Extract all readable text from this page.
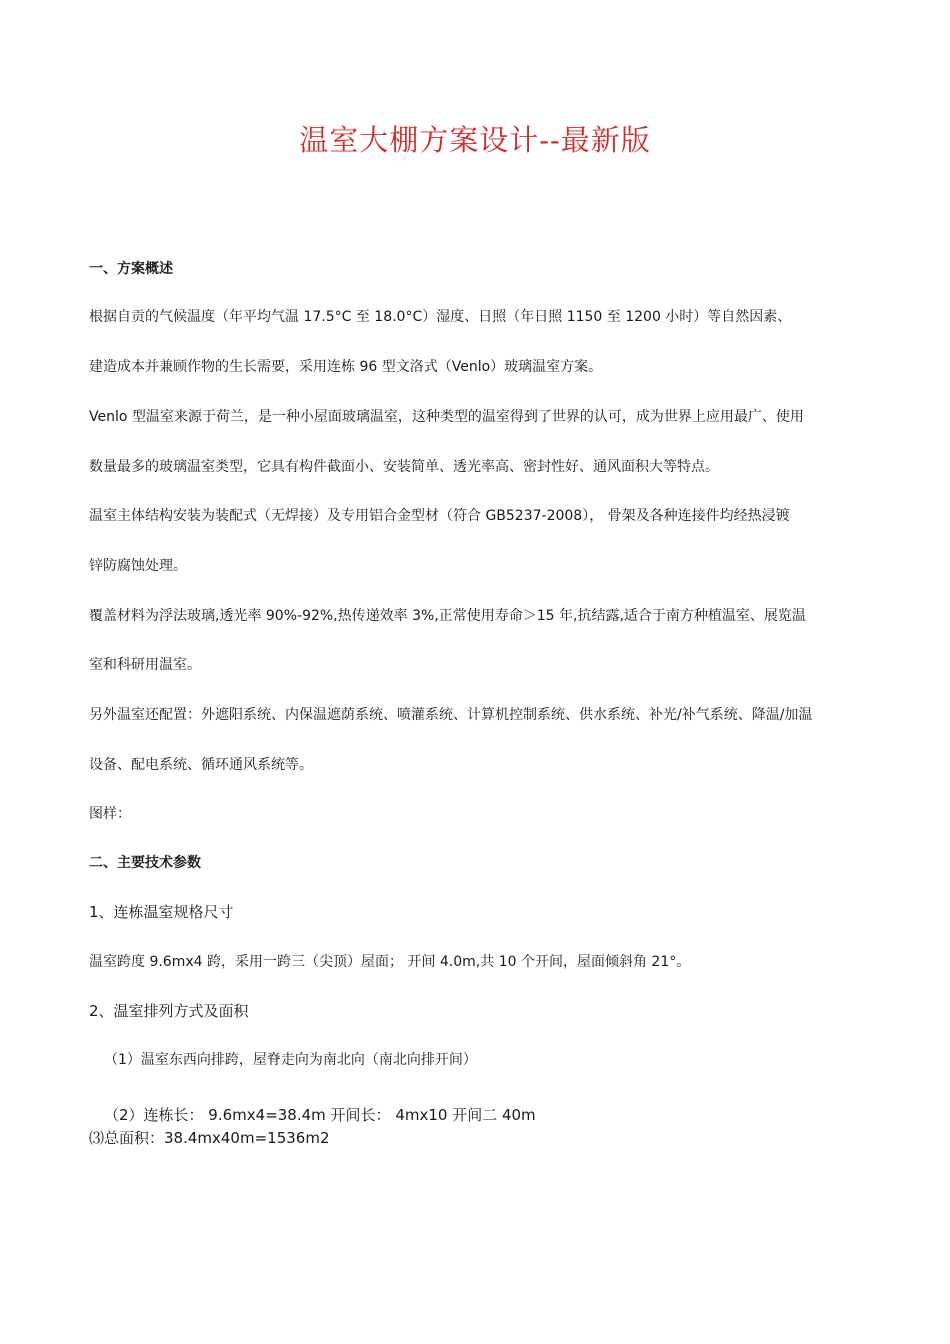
温室大棚方案设计--最新版
一、方案概述
根据自贡的气候温度（年平均气温 17.5°C 至 18.0°C）湿度、日照（年日照 1150 至 1200 小时）等自然因素、
建造成本并兼顾作物的生长需要，采用连栋 96 型文洛式（Venlo）玻璃温室方案。
Venlo 型温室来源于荷兰，是一种小屋面玻璃温室，这种类型的温室得到了世界的认可，成为世界上应用最广、使用
数量最多的玻璃温室类型，它具有构件截面小、安装简单、透光率高、密封性好、通风面积大等特点。
温室主体结构安装为装配式（无焊接）及专用铝合金型材（符合 GB5237-2008）， 骨架及各种连接件均经热浸镀
锌防腐蚀处理。
覆盖材料为浮法玻璃,透光率 90%-92%,热传递效率 3%,正常使用寿命＞15 年,抗结露,适合于南方种植温室、展览温
室和科研用温室。
另外温室还配置：外遮阳系统、内保温遮荫系统、喷灌系统、计算机控制系统、供水系统、补光/补气系统、降温/加温
设备、配电系统、循环通风系统等。
图样：
二、主要技术参数
1、连栋温室规格尺寸
温室跨度 9.6mx4 跨，采用一跨三（尖顶）屋面； 开间 4.0m,共 10 个开间，屋面倾斜角 21°。
2、温室排列方式及面积
（1）温室东西向排跨，屋脊走向为南北向（南北向排开间）
（2）连栋长： 9.6mx4=38.4m 开间长： 4mx10 开间二 40m
⑶总面积：38.4mx40m=1536m2
